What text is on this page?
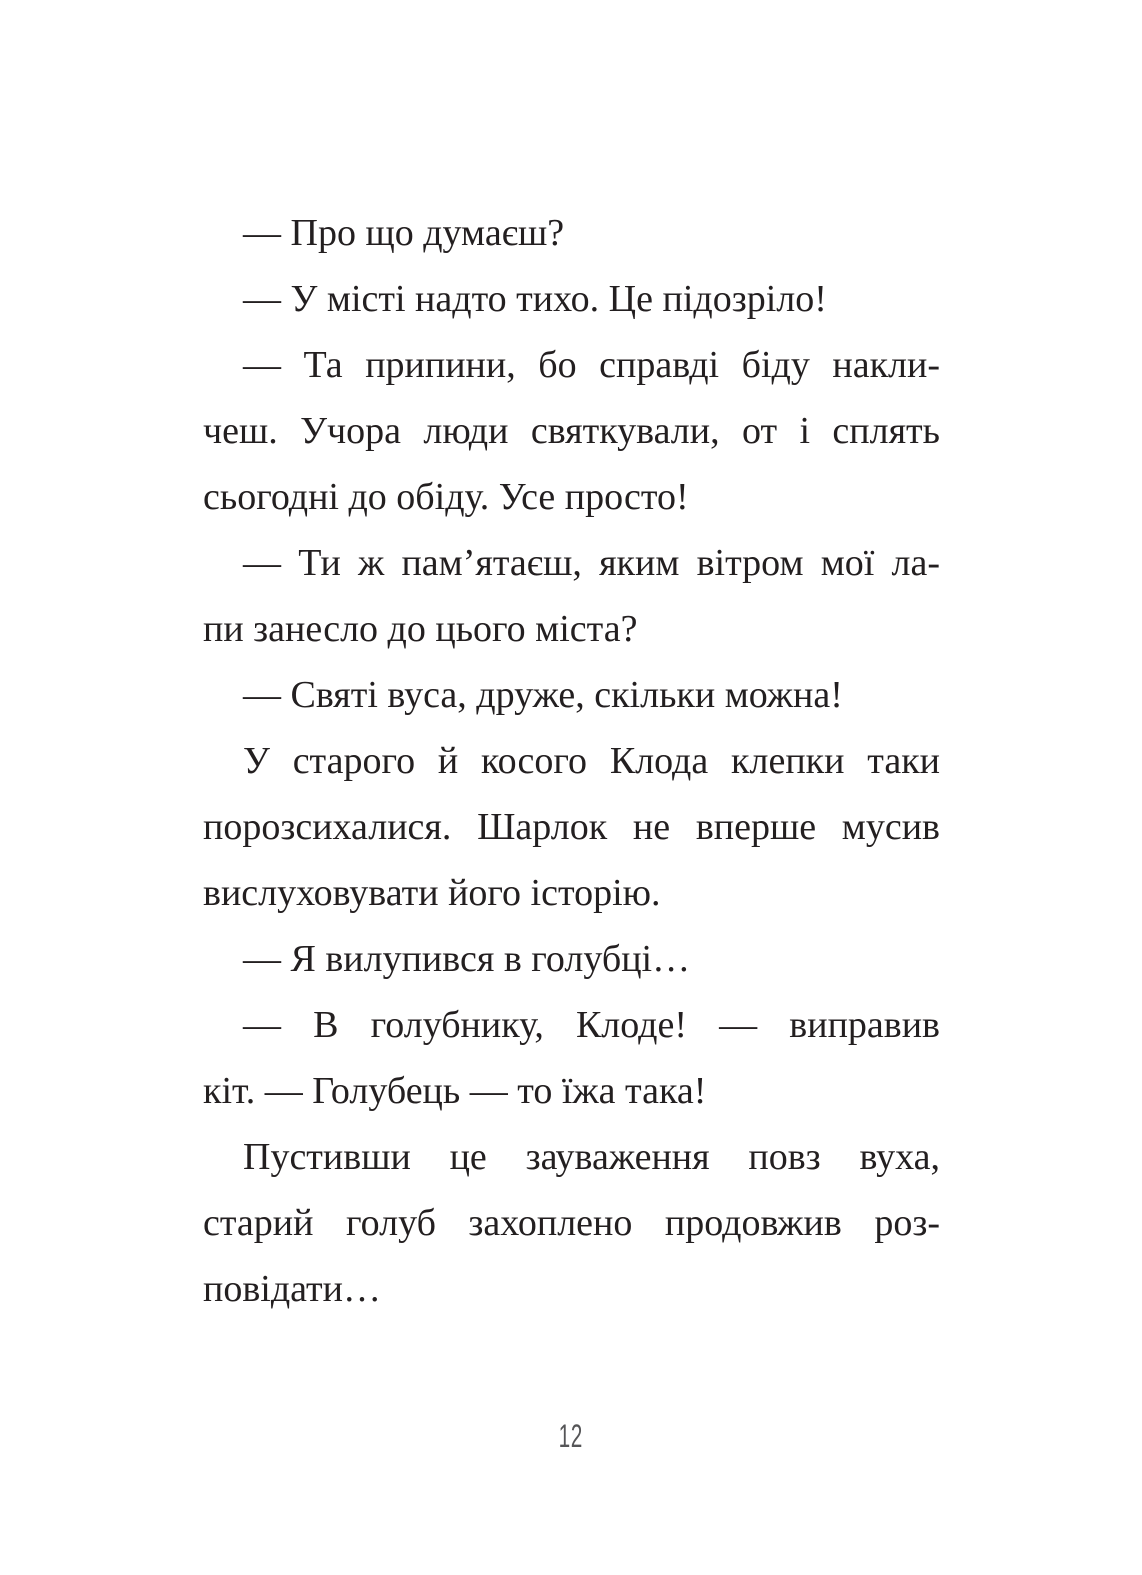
— Про що думаєш?

— У місті надто тихо. Це підозріло!

— Та припини, бо справді біду накли-

чеш. Учора люди святкували, от і сплять

сьогодні до обіду. Усе просто!

— Ти ж пам’ятаєш, яким вітром мої ла-

пи занесло до цього міста?

— Святі вуса, друже, скільки можна!

У старого й косого Клода клепки таки

порозсихалися. Шарлок не вперше мусив

вислуховувати його історію.

— Я вилупився в голубці…

— В голубнику, Клоде! — виправив

кіт. — Голубець — то їжа така!

Пустивши це зауваження повз вуха,

старий голуб захоплено продовжив роз-

повідати…

12
